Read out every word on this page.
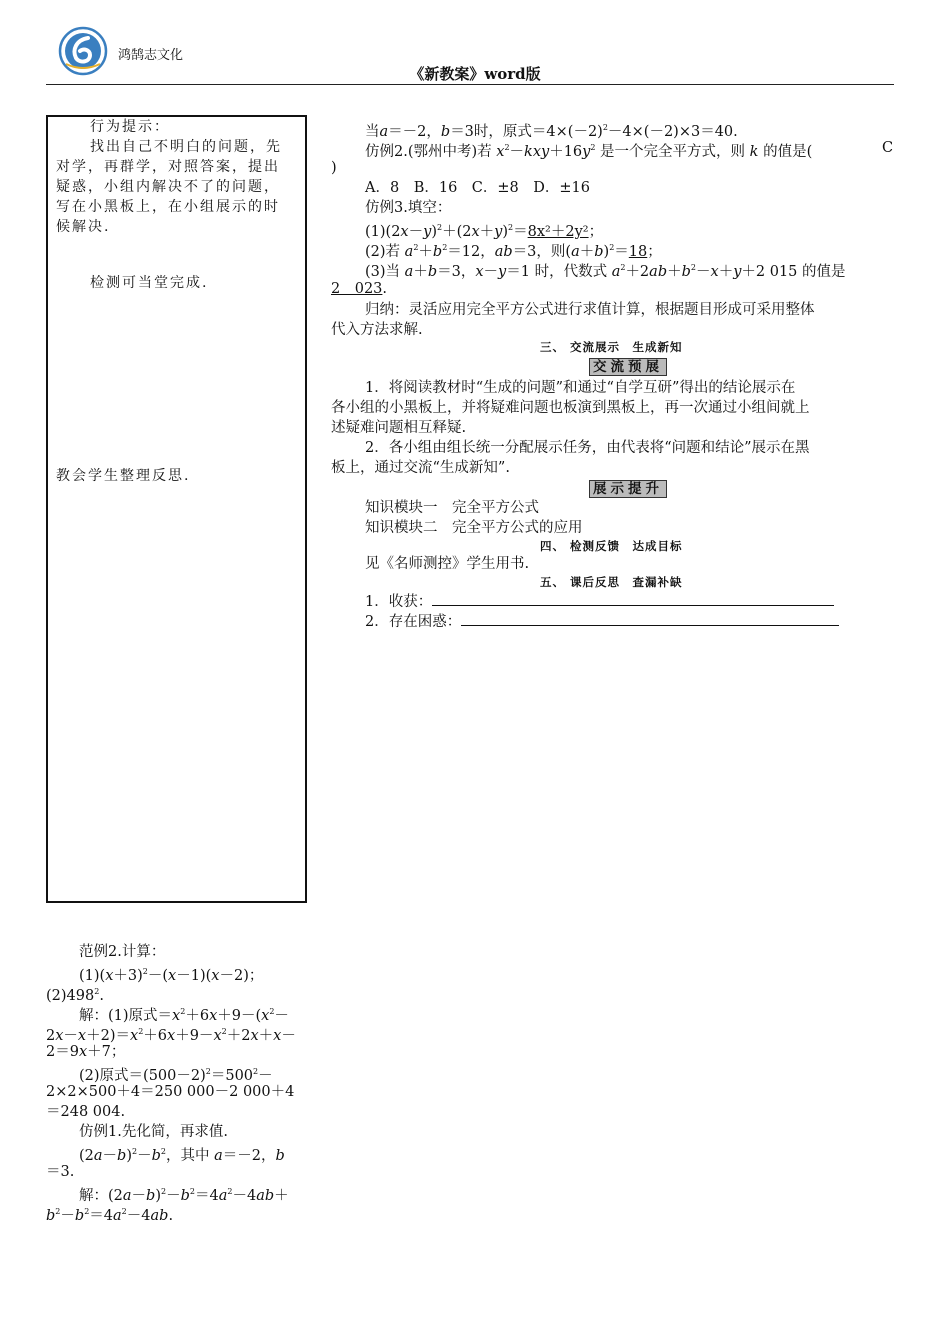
鸿鹄志文化
《新教案》word版
行为提示：
找出自己不明白的问题，先
对学，再群学，对照答案，提出
疑惑，小组内解决不了的问题，
写在小黑板上，在小组展示的时
候解决.
检测可当堂完成.
教会学生整理反思.
当a＝－2，b＝3时，原式$=4\times(-2)^2-4\times(-2)\times 3=40$.
仿例2.(鄂州中考)若 $x^2-kxy+16y^2$ 是一个完全平方式，则 k 的值是(	C
)
A．8　B．16　C．±8　D．±16
仿例3.填空：
$(1)(2x-y)^2+(2x+y)^2=8x^2+2y^2$；
(2)若 $a^2+b^2=12$，ab＝3，则$(a+b)^2=18$；
(3)当 a＋b＝3，x－y＝1 时，代数式 $a^2+2ab+b^2-x+y+2$ 015 的值是
2　023.
归纳：灵活应用完全平方公式进行求值计算，根据题目形成可采用整体
代入方法求解.
三、 交流展示　生成新知
交流预展
1．将阅读教材时“生成的问题”和通过“自学互研”得出的结论展示在
各小组的小黑板上，并将疑难问题也板演到黑板上，再一次通过小组间就上
述疑难问题相互释疑.
2．各小组由组长统一分配展示任务，由代表将“问题和结论”展示在黑
板上，通过交流“生成新知”.
展示提升
知识模块一　完全平方公式
知识模块二　完全平方公式的应用
四、 检测反馈　达成目标
见《名师测控》学生用书.
五、 课后反思　查漏补缺
1．收获：
2．存在困惑：
范例2.计算：
$(1)(x+3)^2-(x-1)(x-2)$；
$(2)498^2$.
解：(1)原式$=x^2+6x+9-(x^2-$
$2x-x+2)=x^2+6x+9-x^2+2x+x-$
2＝9x＋7；
(2)原式$=(500-2)^2=500^2-$
2×2×500＋4＝250 000－2 000＋4
＝248 004.
仿例1.先化简，再求值.
$(2a-b)^2-b^2$，其中 a＝－2，b
＝3.
解：$(2a-b)^2-b^2=4a^2-4ab+$
$b^2-b^2=4a^2-4ab$.
